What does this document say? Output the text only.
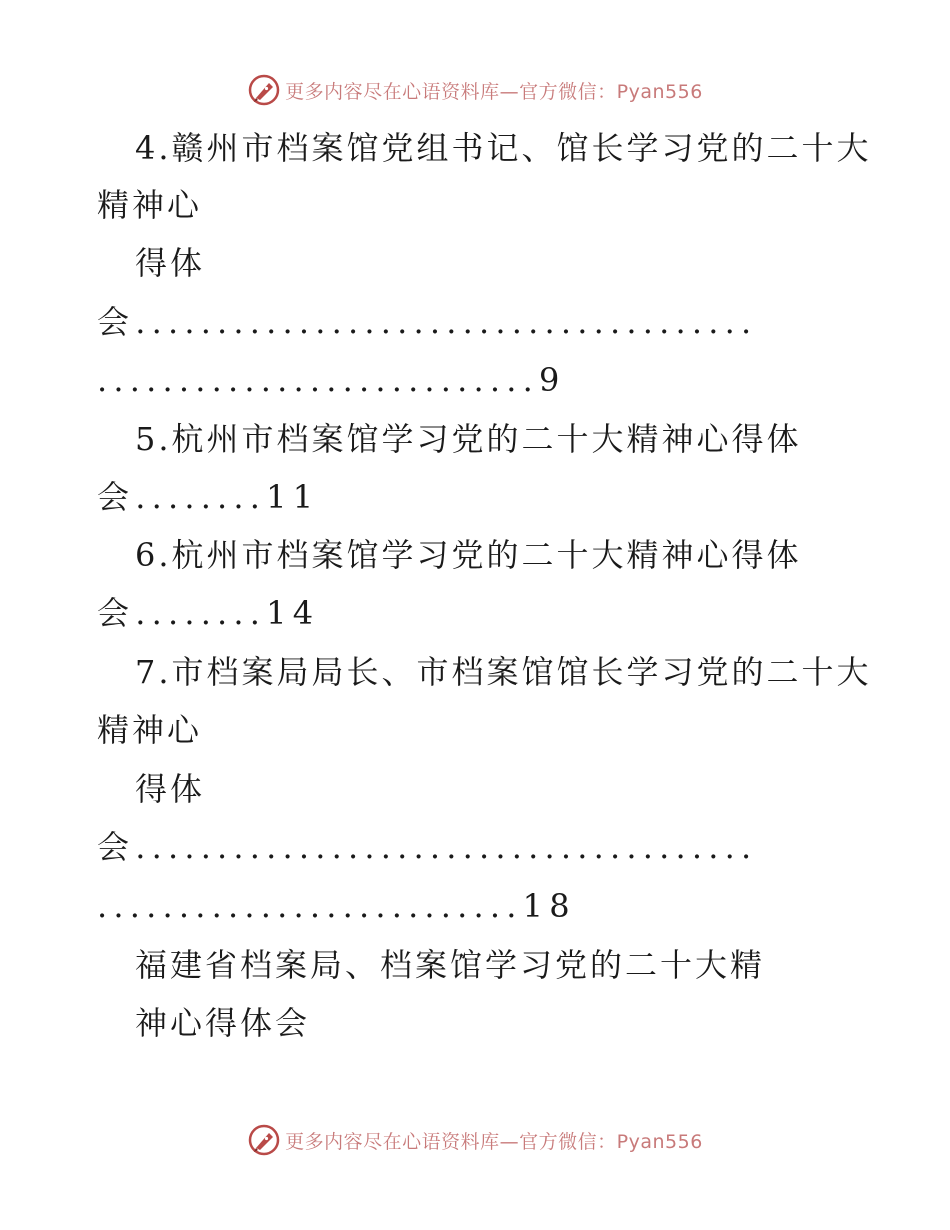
更多内容尽在心语资料库—官方微信：Pyan556
4.赣州市档案馆党组书记、馆长学习党的二十大
精神心
得体
会......................................
...........................9
5.杭州市档案馆学习党的二十大精神心得体
会........11
6.杭州市档案馆学习党的二十大精神心得体
会........14
7.市档案局局长、市档案馆馆长学习党的二十大
精神心
得体
会......................................
..........................18
福建省档案局、档案馆学习党的二十大精
神心得体会
更多内容尽在心语资料库—官方微信：Pyan556
